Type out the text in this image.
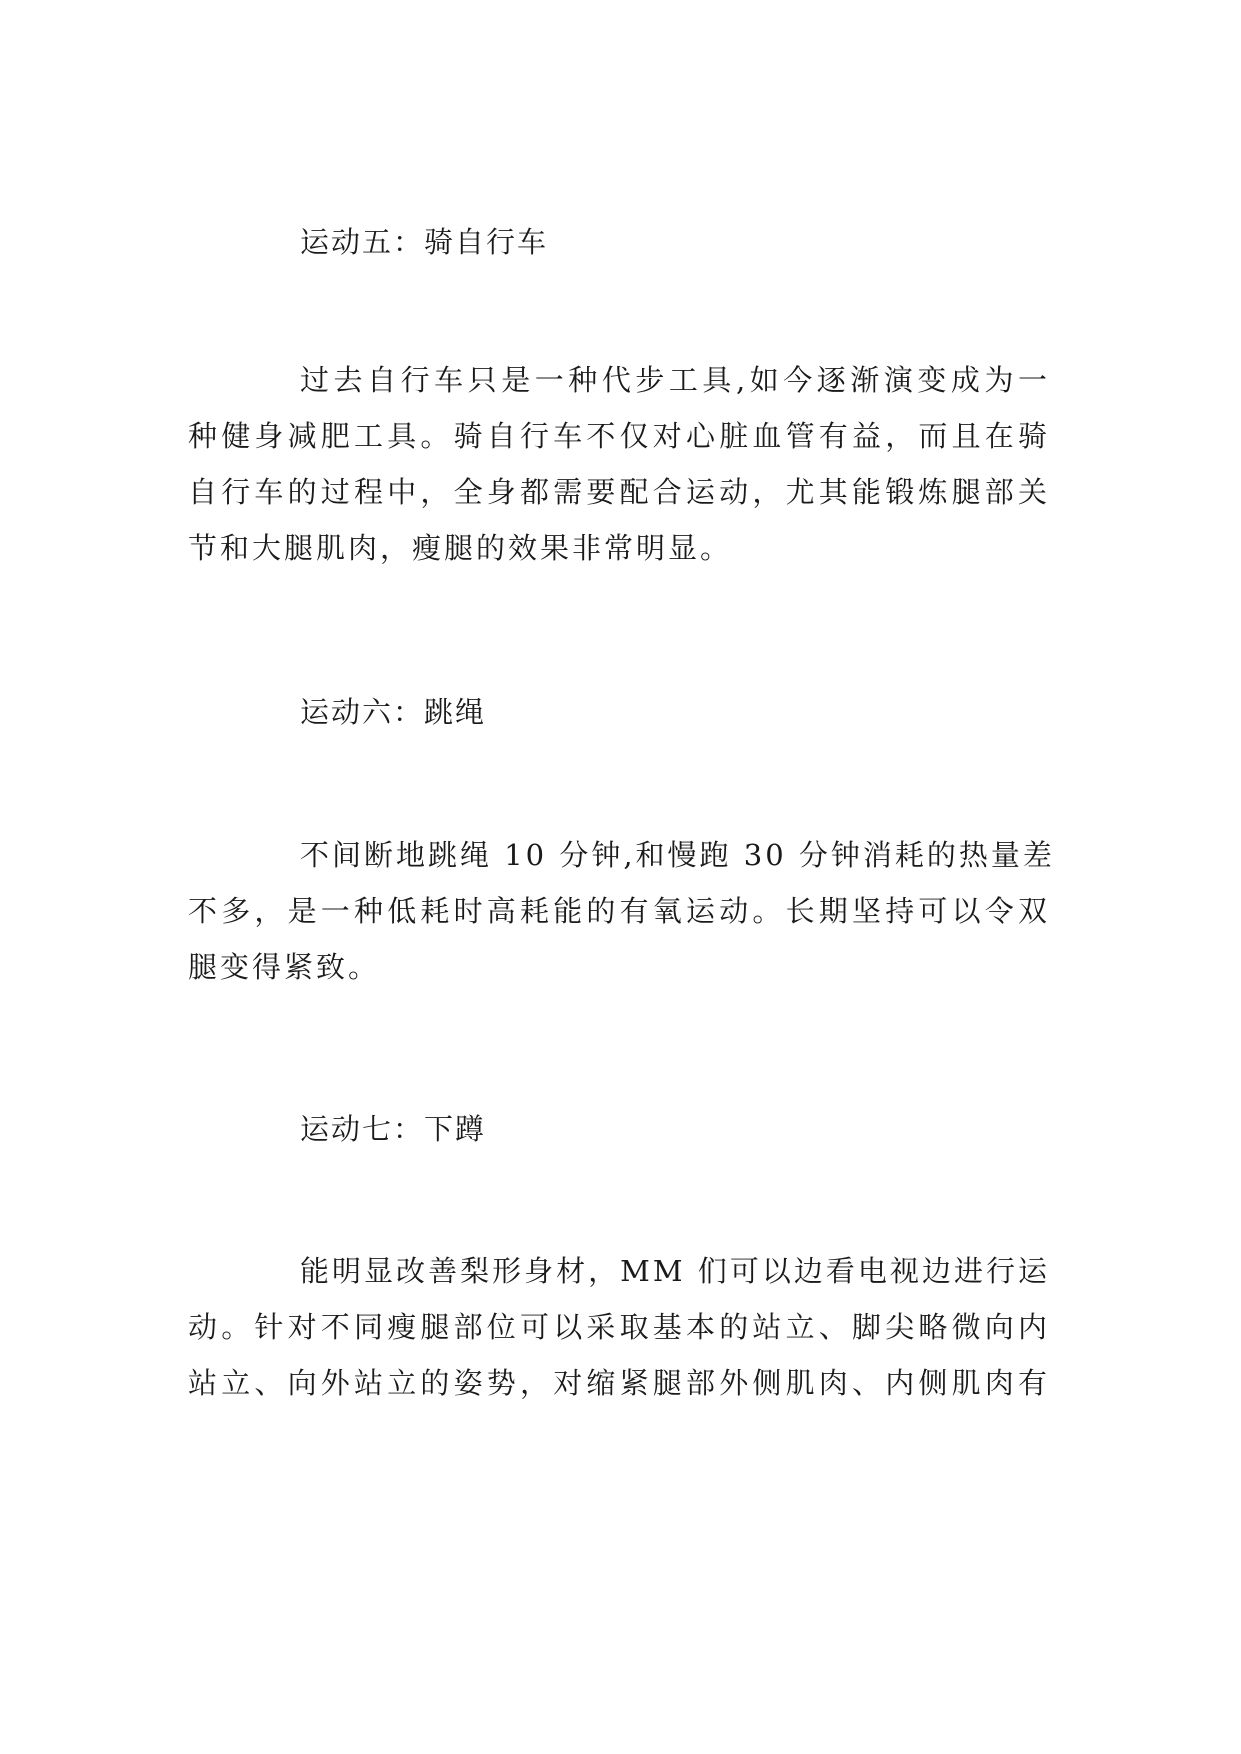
运动五：骑自行车
过去自行车只是一种代步工具,如今逐渐演变成为一
种健身减肥工具。骑自行车不仅对心脏血管有益，而且在骑
自行车的过程中，全身都需要配合运动，尤其能锻炼腿部关
节和大腿肌肉，瘦腿的效果非常明显。
运动六：跳绳
不间断地跳绳 10 分钟,和慢跑 30 分钟消耗的热量差
不多，是一种低耗时高耗能的有氧运动。长期坚持可以令双
腿变得紧致。
运动七：下蹲
能明显改善梨形身材，MM 们可以边看电视边进行运
动。针对不同瘦腿部位可以采取基本的站立、脚尖略微向内
站立、向外站立的姿势，对缩紧腿部外侧肌肉、内侧肌肉有
